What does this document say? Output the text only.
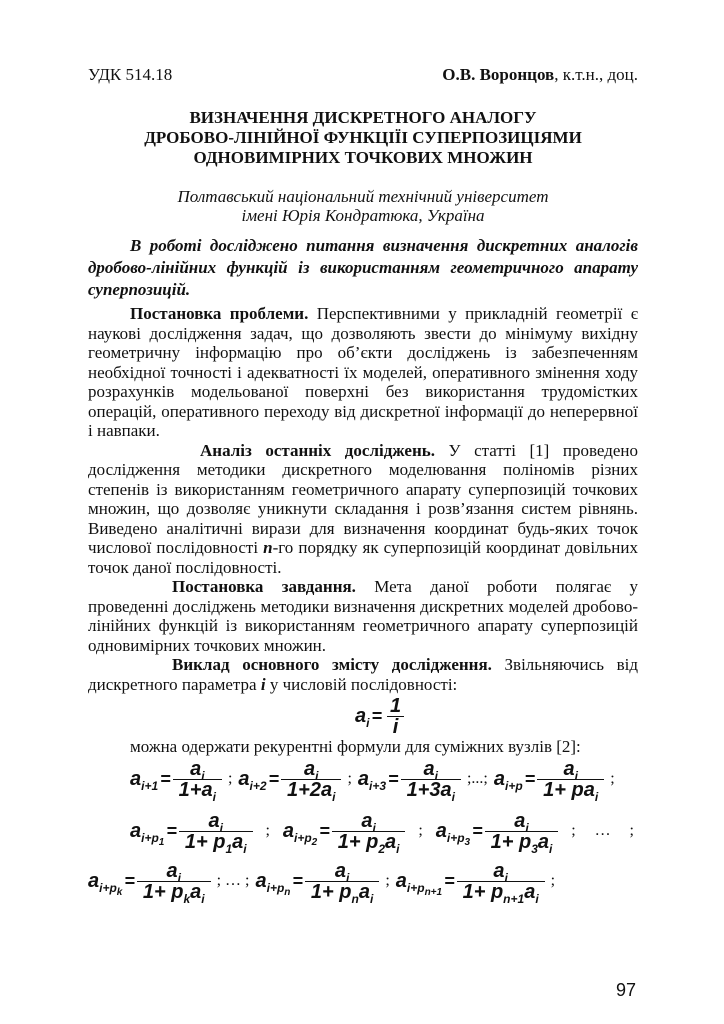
УДК 514.18	О.В. Воронцов, к.т.н., доц.
ВИЗНАЧЕННЯ ДИСКРЕТНОГО АНАЛОГУ
ДРОБОВО-ЛІНІЙНОЇ ФУНКЦІЇІ СУПЕРПОЗИЦІЯМИ
ОДНОВИМІРНИХ ТОЧКОВИХ МНОЖИН
Полтавський національний технічний університет
імені Юрія Кондратюка, Україна
В роботі досліджено питання визначення дискретних аналогів
дробово-лінійних функцій із використанням геометричного апарату
суперпозицій.
Постановка проблеми. Перспективними у прикладній геометрії є
наукові дослідження задач, що дозволяють звести до мінімуму вихідну
геометричну інформацію про об’єкти досліджень із забезпеченням
необхідної точності і адекватності їх моделей, оперативного змінення ходу
розрахунків модельованої поверхні без використання трудомістких
операцій, оперативного переходу від дискретної інформації до неперервної
і навпаки.
Аналіз останніх досліджень. У статті [1] проведено
дослідження методики дискретного моделювання поліномів різних
степенів із використанням геометричного апарату суперпозицій точкових
множин, що дозволяє уникнути складання і розв’язання систем рівнянь.
Виведено аналітичні вирази для визначення координат будь-яких точок
числової послідовності n-го порядку як суперпозицій координат довільних
точок даної послідовності.
Постановка завдання. Мета даної роботи полягає у
проведенні досліджень методики визначення дискретних моделей дробово-
лінійних функцій із використанням геометричного апарату суперпозицій
одновимірних точкових множин.
Виклад основного змісту дослідження. Звільняючись від
дискретного параметра i у числовій послідовності:
$a_i = \frac{1}{i}$
можна одержати рекурентні формули для суміжних вузлів [2]:
$a_{i+1} = \frac{a_i}{1+a_i}$ ; $a_{i+2} = \frac{a_i}{1+2a_i}$ ; $a_{i+3} = \frac{a_i}{1+3a_i}$ ;...; $a_{i+p} = \frac{a_i}{1+ pa_i}$ ;
$a_{i+p_1}$
= $\frac{a_i}{1+ p_1a_i}$ ; $a_{i+p_2}$
= $\frac{a_i}{1+ p_2a_i}$ ; $a_{i+p_3}$
= $\frac{a_i}{1+ p_3a_i}$ ; … ;
$a_{i+p_k}$
= $\frac{a_i}{1+ p_ka_i}$ ; … ; $a_{i+p_n}$
= $\frac{a_i}{1+ p_na_i}$ ; $a_{i+p_{n+1}}$
= $\frac{a_i}{1+ p_{n+1}a_i}$ ;
97
